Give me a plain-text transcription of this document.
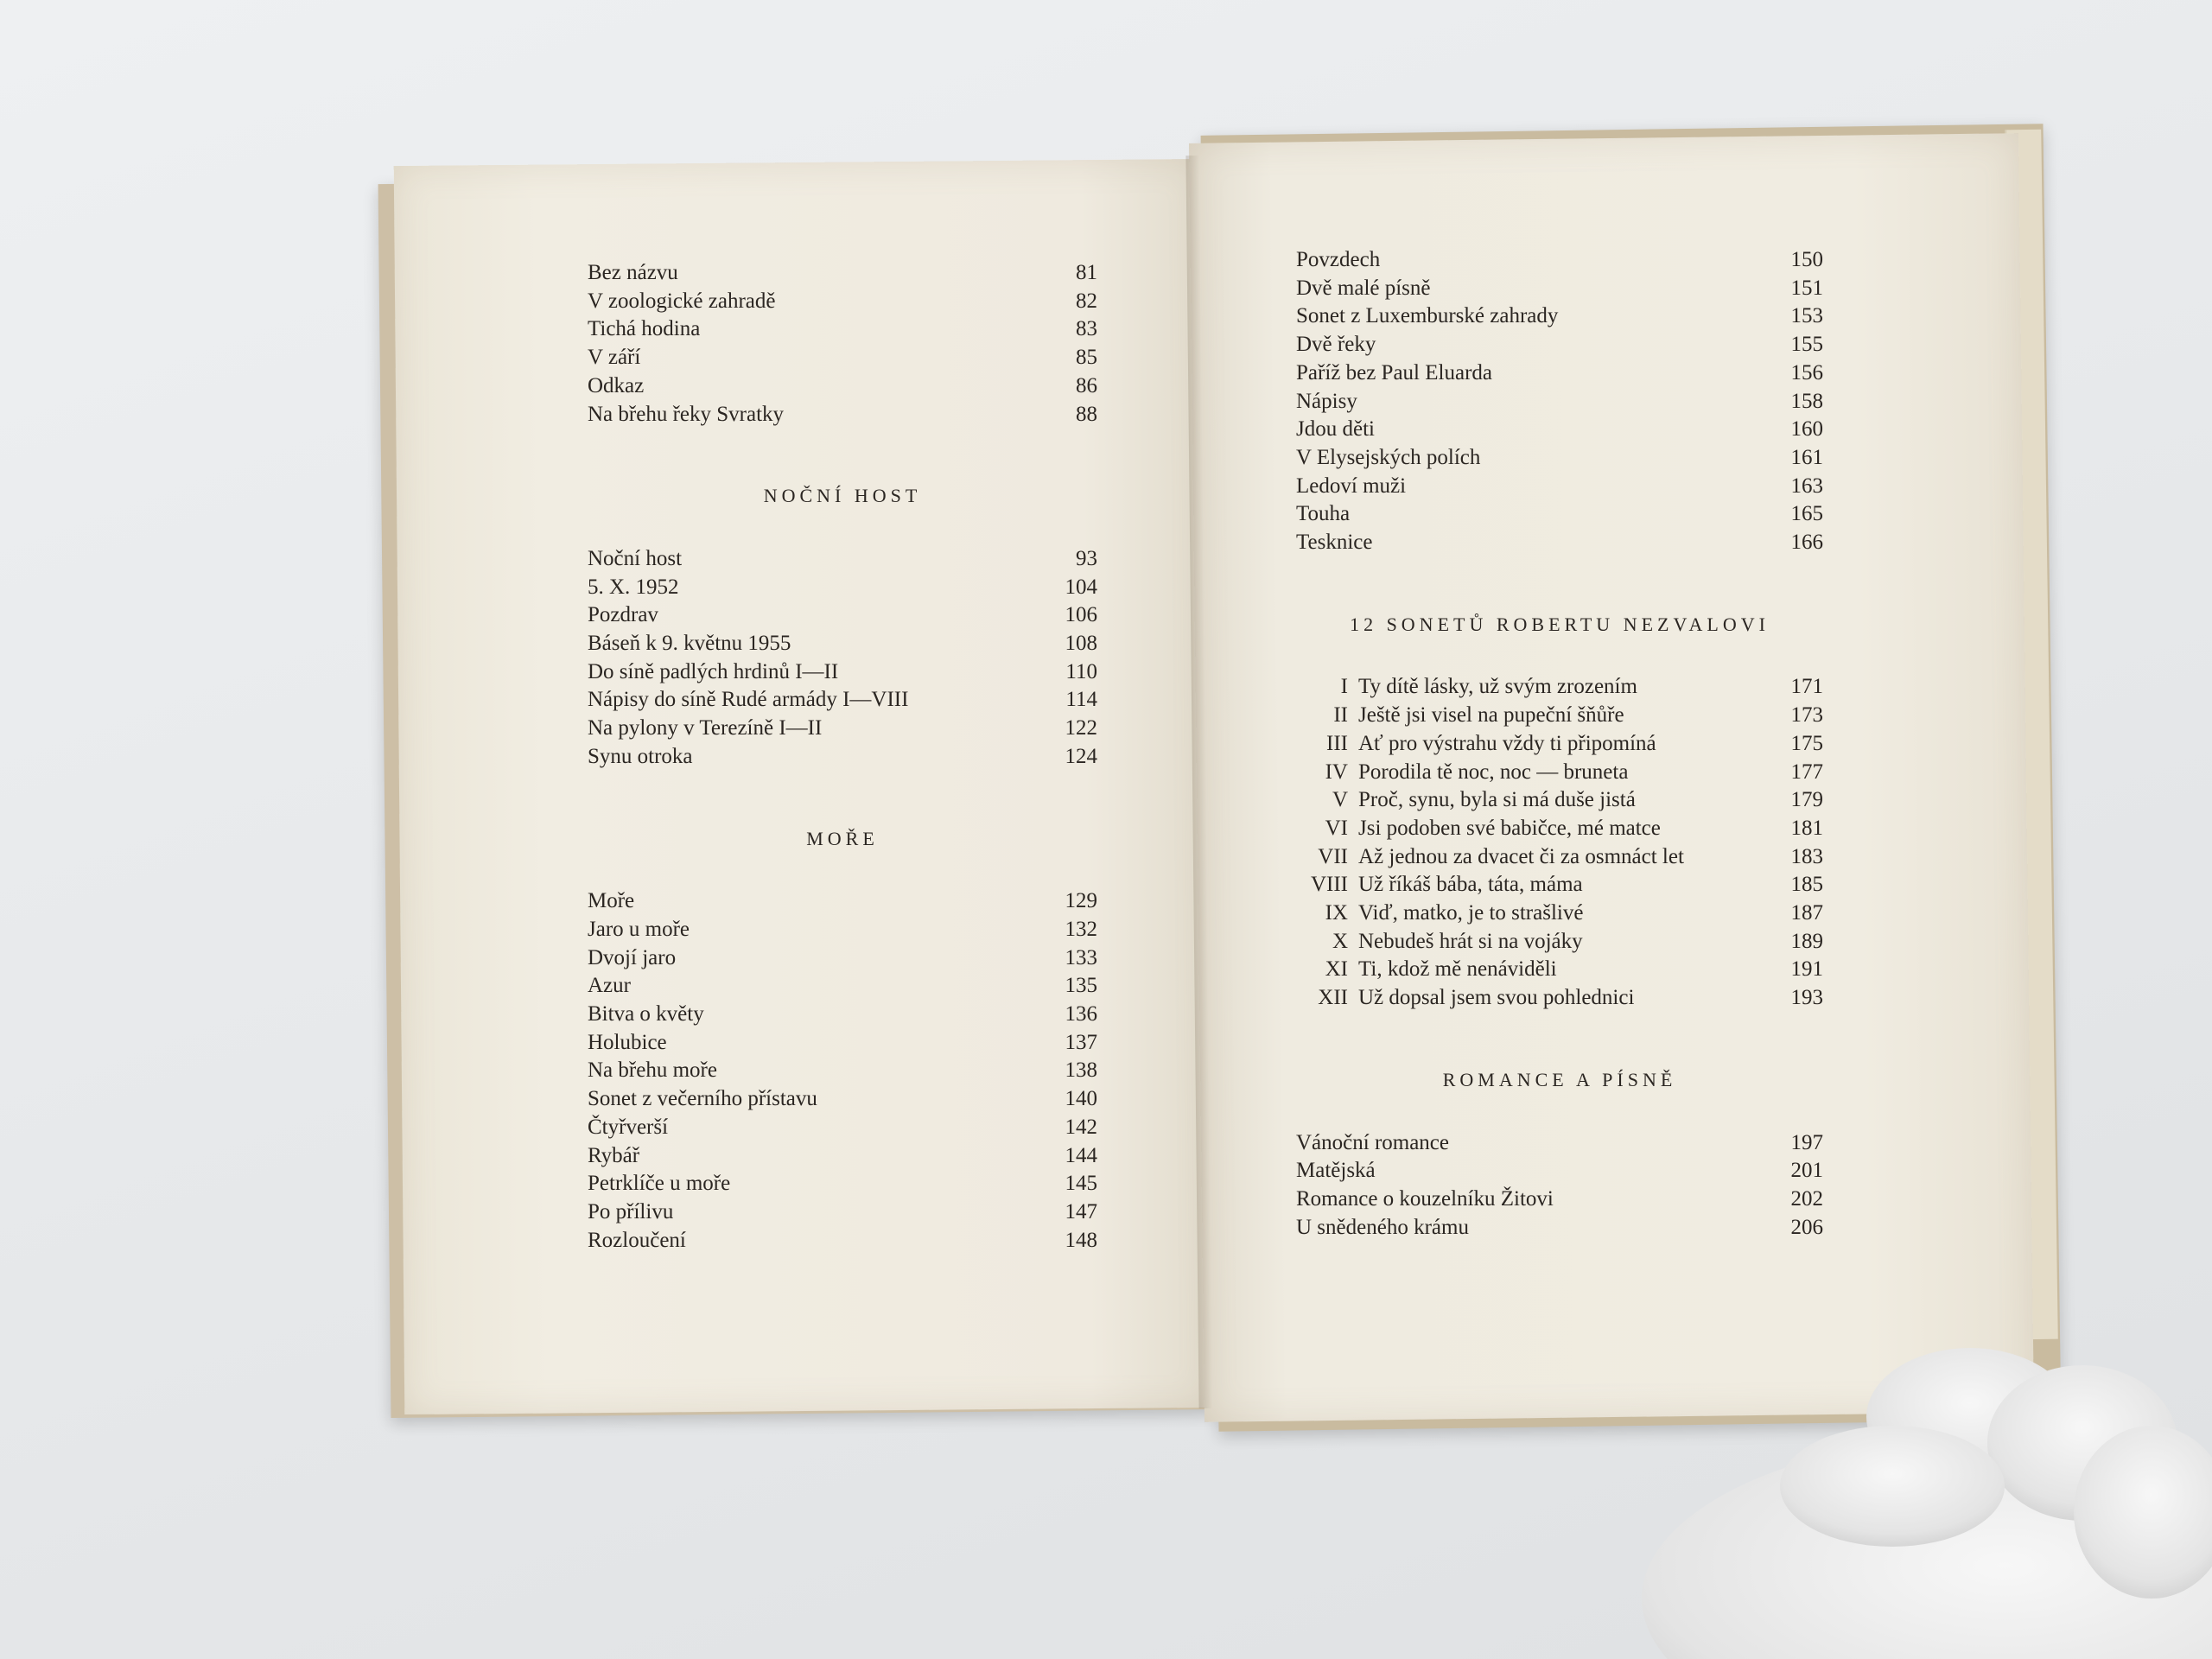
Bez názvu	81
V zoologické zahradě	82
Tichá hodina	83
V září	85
Odkaz	86
Na břehu řeky Svratky	88
NOČNÍ HOST
Noční host	93
5. X. 1952	104
Pozdrav	106
Báseň k 9. květnu 1955	108
Do síně padlých hrdinů I—II	110
Nápisy do síně Rudé armády I—VIII	114
Na pylony v Terezíně I—II	122
Synu otroka	124
MOŘE
Moře	129
Jaro u moře	132
Dvojí jaro	133
Azur	135
Bitva o květy	136
Holubice	137
Na břehu moře	138
Sonet z večerního přístavu	140
Čtyřverší	142
Rybář	144
Petrklíče u moře	145
Po přílivu	147
Rozloučení	148
Povzdech	150
Dvě malé písně	151
Sonet z Luxemburské zahrady	153
Dvě řeky	155
Paříž bez Paul Eluarda	156
Nápisy	158
Jdou děti	160
V Elysejských polích	161
Ledoví muži	163
Touha	165
Tesknice	166
12 SONETŮ ROBERTU NEZVALOVI
I Ty dítě lásky, už svým zrozením	171
II Ještě jsi visel na pupeční šňůře	173
III Ať pro výstrahu vždy ti připomíná	175
IV Porodila tě noc, noc — bruneta	177
V Proč, synu, byla si má duše jistá	179
VI Jsi podoben své babičce, mé matce	181
VII Až jednou za dvacet či za osmnáct let	183
VIII Už říkáš bába, táta, máma	185
IX Viď, matko, je to strašlivé	187
X Nebudeš hrát si na vojáky	189
XI Ti, kdož mě nenáviděli	191
XII Už dopsal jsem svou pohlednici	193
ROMANCE A PÍSNĚ
Vánoční romance	197
Matějská	201
Romance o kouzelníku Žitovi	202
U snědeného krámu	206
